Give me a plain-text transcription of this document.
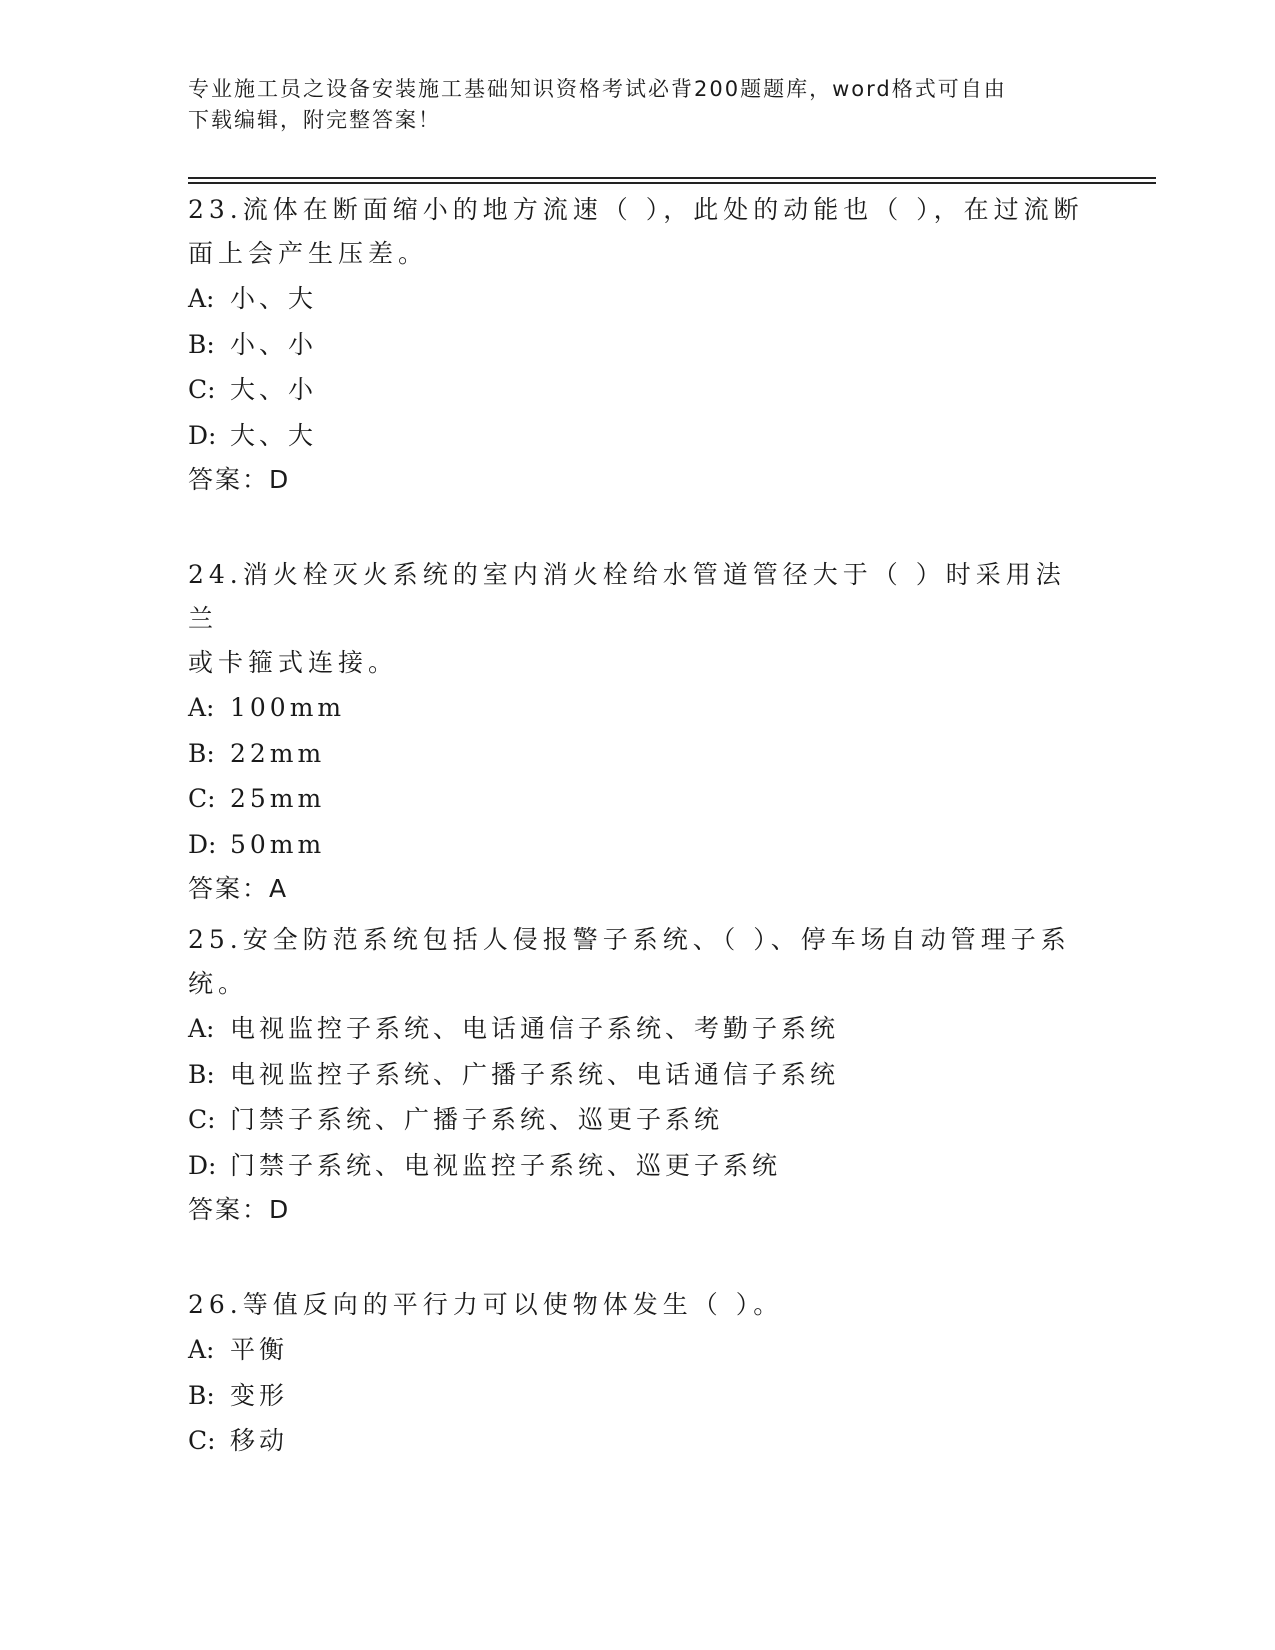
专业施工员之设备安装施工基础知识资格考试必背200题题库，word格式可自由
下载编辑，附完整答案！

23.流体在断面缩小的地方流速（ ），此处的动能也（ ），在过流断
面上会产生压差。

A: 小、大

B: 小、小

C: 大、小

D: 大、大

答案：D

24.消火栓灭火系统的室内消火栓给水管道管径大于（ ）时采用法兰
或卡箍式连接。

A: 100mm

B: 22mm

C: 25mm

D: 50mm

答案：A

25.安全防范系统包括人侵报警子系统、（ ）、停车场自动管理子系
统。

A: 电视监控子系统、电话通信子系统、考勤子系统

B: 电视监控子系统、广播子系统、电话通信子系统

C: 门禁子系统、广播子系统、巡更子系统

D: 门禁子系统、电视监控子系统、巡更子系统

答案：D

26.等值反向的平行力可以使物体发生（ ）。

A: 平衡

B: 变形

C: 移动
